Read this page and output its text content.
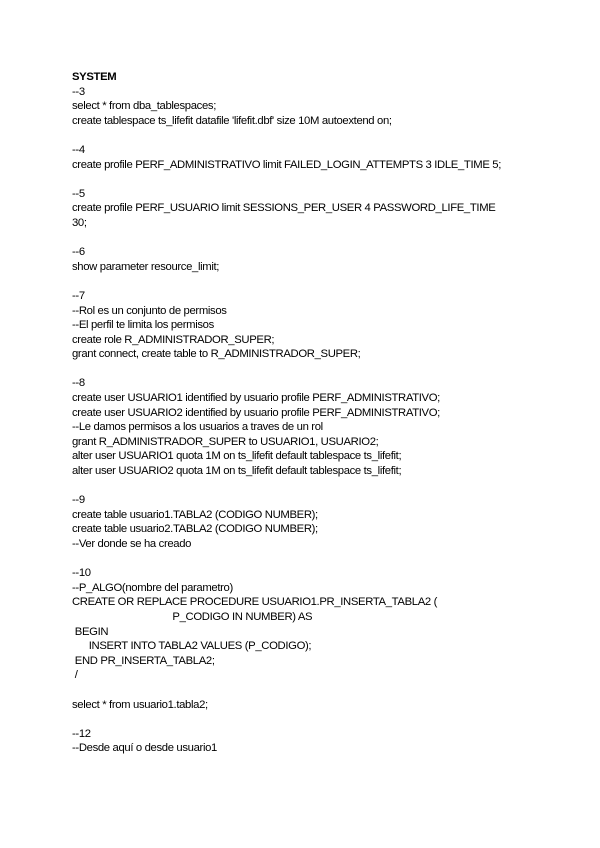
SYSTEM
--3
select * from dba_tablespaces;
create tablespace ts_lifefit datafile 'lifefit.dbf' size 10M autoextend on;
--4
create profile PERF_ADMINISTRATIVO limit FAILED_LOGIN_ATTEMPTS 3 IDLE_TIME 5;
--5
create profile PERF_USUARIO limit SESSIONS_PER_USER 4 PASSWORD_LIFE_TIME
30;
--6
show parameter resource_limit;
--7
--Rol es un conjunto de permisos
--El perfil te limita los permisos
create role R_ADMINISTRADOR_SUPER;
grant connect, create table to R_ADMINISTRADOR_SUPER;
--8
create user USUARIO1 identified by usuario profile PERF_ADMINISTRATIVO;
create user USUARIO2 identified by usuario profile PERF_ADMINISTRATIVO;
--Le damos permisos a los usuarios a traves de un rol
grant R_ADMINISTRADOR_SUPER to USUARIO1, USUARIO2;
alter user USUARIO1 quota 1M on ts_lifefit default tablespace ts_lifefit;
alter user USUARIO2 quota 1M on ts_lifefit default tablespace ts_lifefit;
--9
create table usuario1.TABLA2 (CODIGO NUMBER);
create table usuario2.TABLA2 (CODIGO NUMBER);
--Ver donde se ha creado
--10
--P_ALGO(nombre del parametro)
CREATE OR REPLACE PROCEDURE USUARIO1.PR_INSERTA_TABLA2 (
P_CODIGO IN NUMBER) AS
BEGIN
INSERT INTO TABLA2 VALUES (P_CODIGO);
END PR_INSERTA_TABLA2;
/
select * from usuario1.tabla2;
--12
--Desde aquí o desde usuario1
